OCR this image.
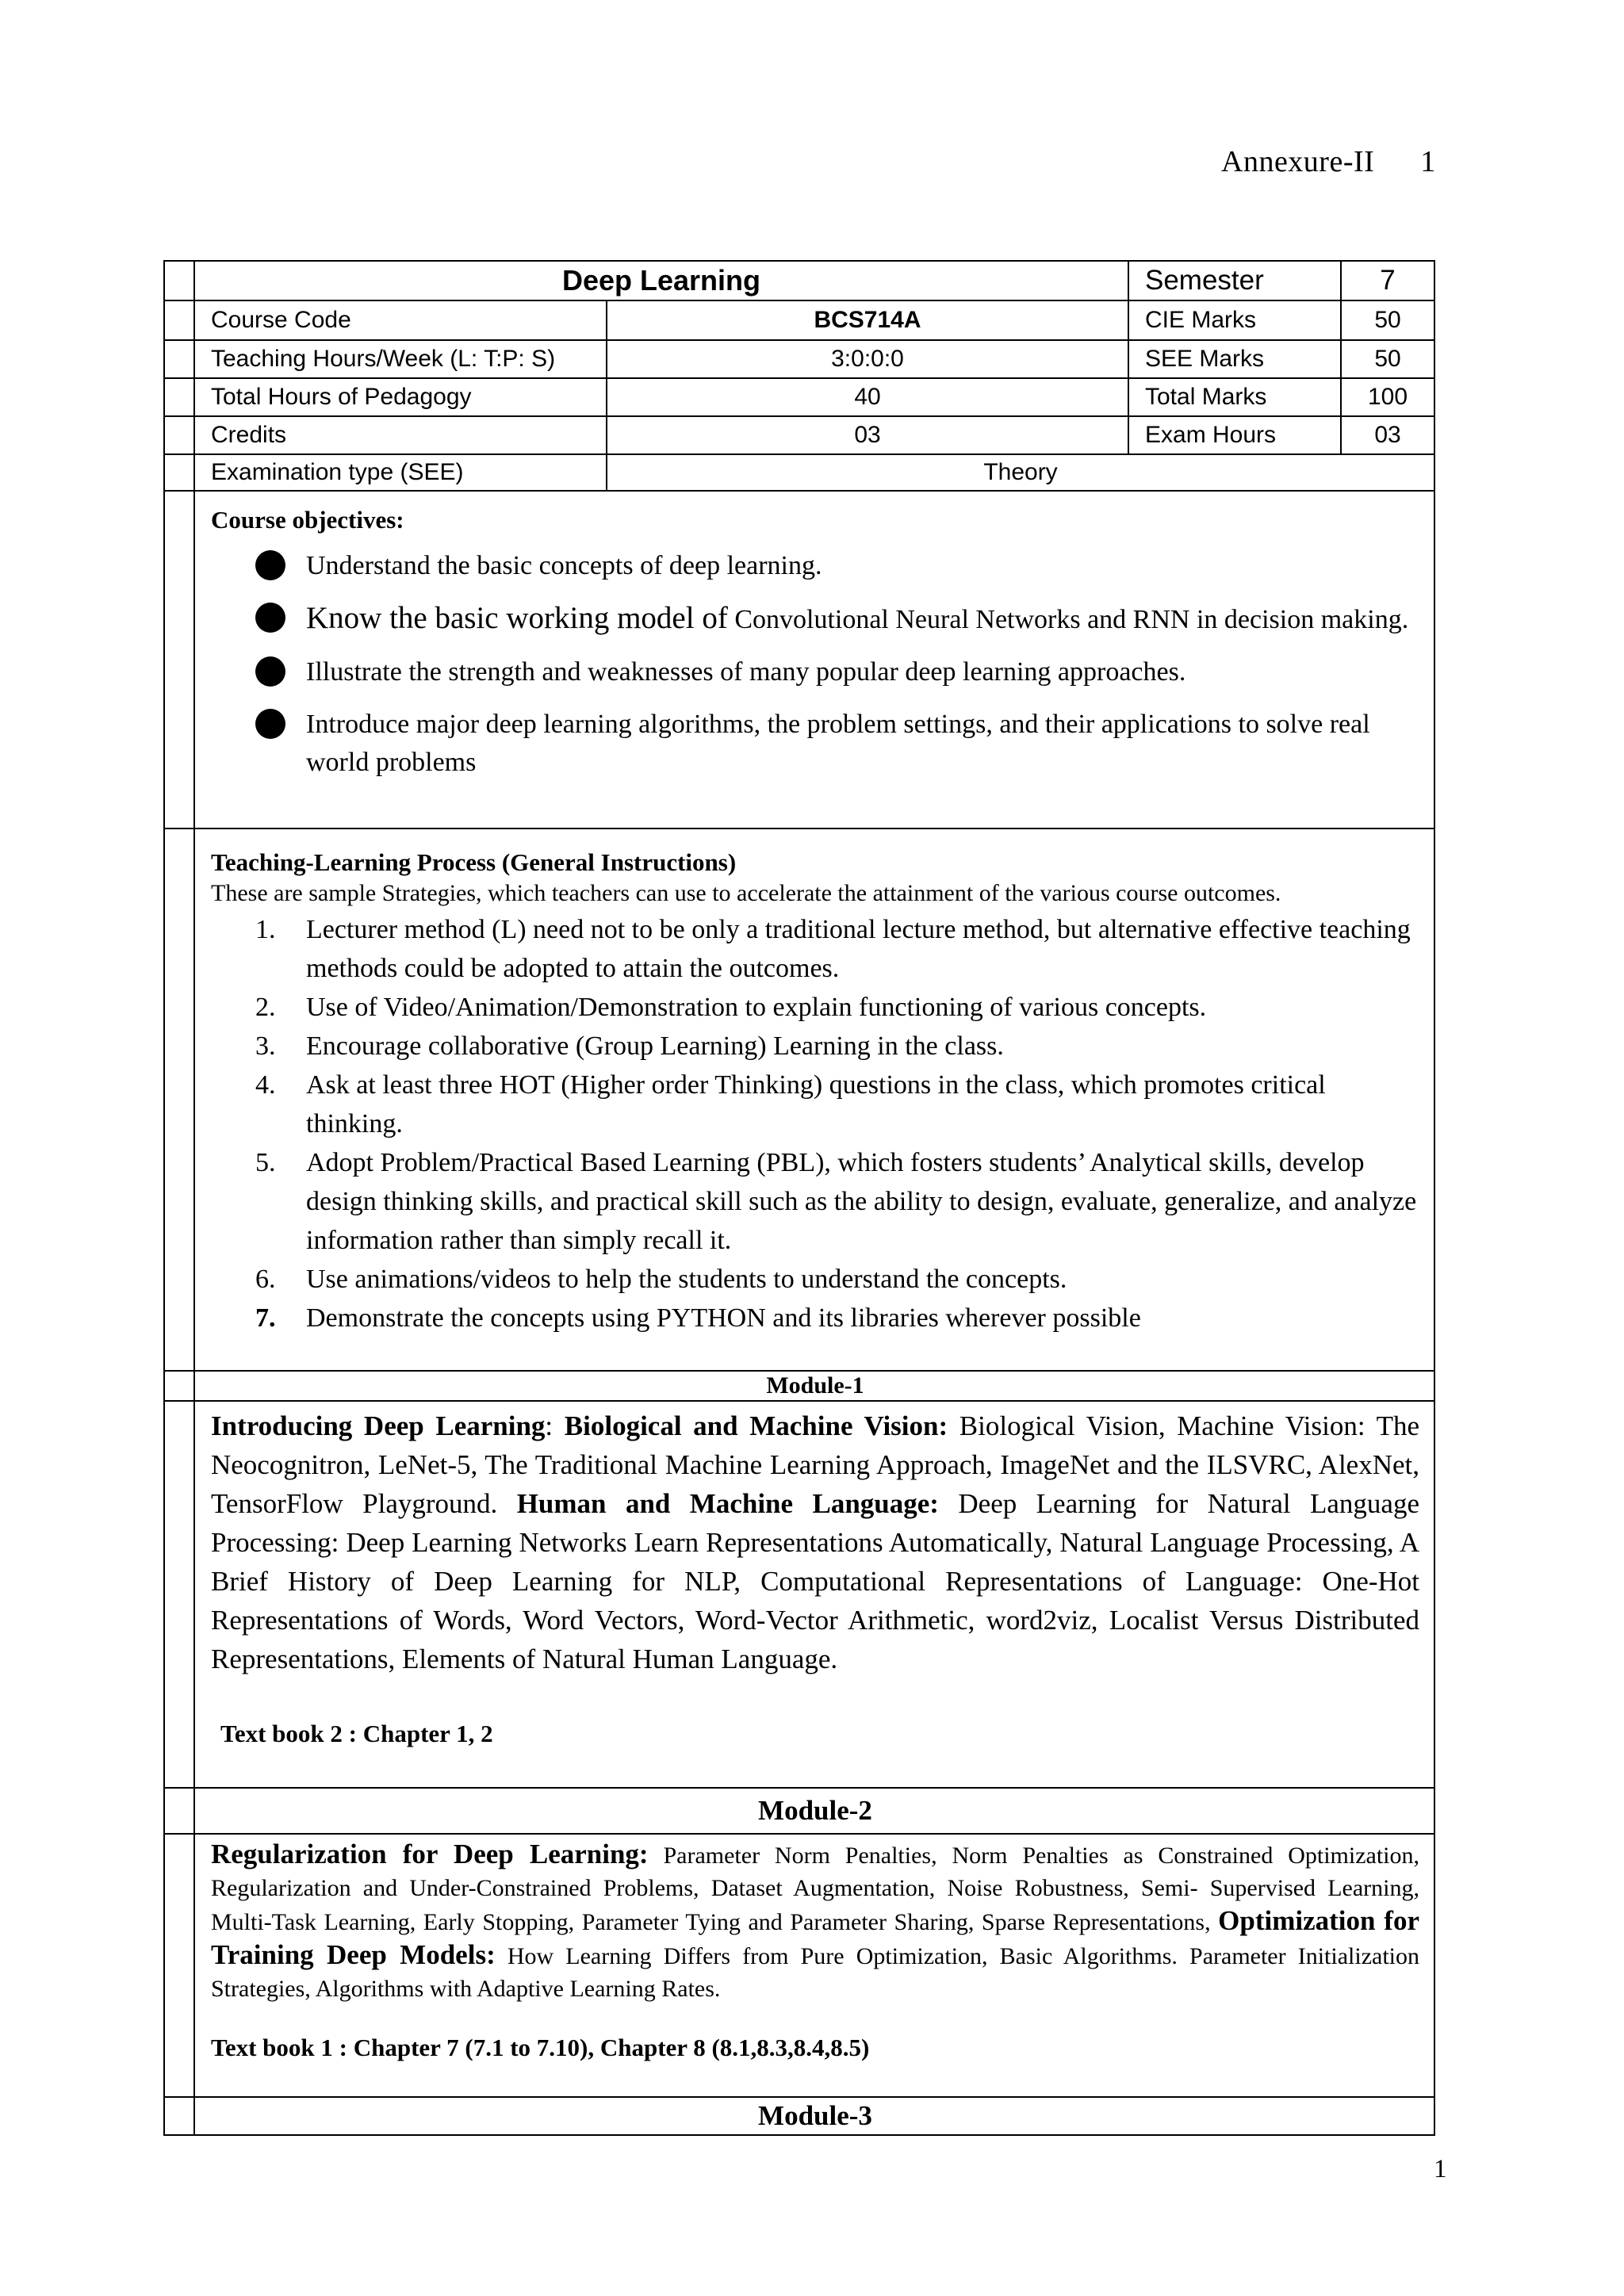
Annexure-II 1
Deep Learning	Semester	7
Course Code	BCS714A	CIE Marks	50
Teaching Hours/Week (L: T:P: S)	3:0:0:0	SEE Marks	50
Total Hours of Pedagogy	40	Total Marks	100
Credits	03	Exam Hours	03
Examination type (SEE)	Theory
Course objectives:
Understand the basic concepts of deep learning.
Know the basic working model of Convolutional Neural Networks and RNN in decision making.
Illustrate the strength and weaknesses of many popular deep learning approaches.
Introduce major deep learning algorithms, the problem settings, and their applications to solve real world problems
Teaching-Learning Process (General Instructions)
These are sample Strategies, which teachers can use to accelerate the attainment of the various course outcomes.
1. Lecturer method (L) need not to be only a traditional lecture method, but alternative effective teaching methods could be adopted to attain the outcomes.
2. Use of Video/Animation/Demonstration to explain functioning of various concepts.
3. Encourage collaborative (Group Learning) Learning in the class.
4. Ask at least three HOT (Higher order Thinking) questions in the class, which promotes critical thinking.
5. Adopt Problem/Practical Based Learning (PBL), which fosters students’ Analytical skills, develop design thinking skills, and practical skill such as the ability to design, evaluate, generalize, and analyze information rather than simply recall it.
6. Use animations/videos to help the students to understand the concepts.
7. Demonstrate the concepts using PYTHON and its libraries wherever possible
Module-1

Introducing Deep Learning: Biological and Machine Vision: Biological Vision, Machine Vision: The Neocognitron, LeNet-5, The Traditional Machine Learning Approach, ImageNet and the ILSVRC, AlexNet, TensorFlow Playground. Human and Machine Language: Deep Learning for Natural Language Processing: Deep Learning Networks Learn Representations Automatically, Natural Language Processing, A Brief History of Deep Learning for NLP, Computational Representations of Language: One-Hot Representations of Words, Word Vectors, Word-Vector Arithmetic, word2viz, Localist Versus Distributed Representations, Elements of Natural Human Language.

Text book 2 : Chapter 1, 2

Module-2

Regularization for Deep Learning: Parameter Norm Penalties, Norm Penalties as Constrained Optimization, Regularization and Under-Constrained Problems, Dataset Augmentation, Noise Robustness, Semi- Supervised Learning, Multi-Task Learning, Early Stopping, Parameter Tying and Parameter Sharing, Sparse Representations, Optimization for Training Deep Models: How Learning Differs from Pure Optimization, Basic Algorithms. Parameter Initialization Strategies, Algorithms with Adaptive Learning Rates.

Text book 1 : Chapter 7 (7.1 to 7.10), Chapter 8 (8.1,8.3,8.4,8.5)

Module-3
1
